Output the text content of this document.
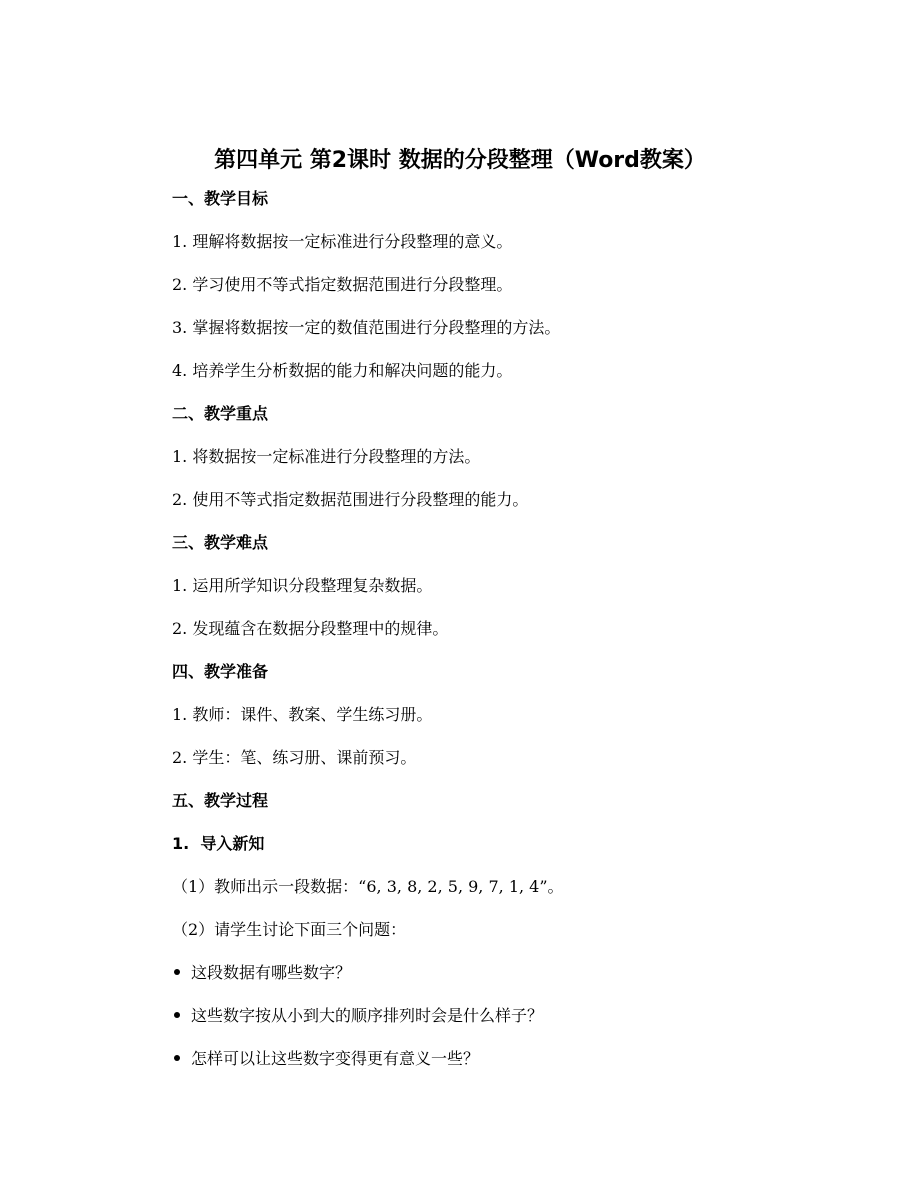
第四单元 第2课时 数据的分段整理（Word教案）
一、教学目标
1. 理解将数据按一定标准进行分段整理的意义。
2. 学习使用不等式指定数据范围进行分段整理。
3. 掌握将数据按一定的数值范围进行分段整理的方法。
4. 培养学生分析数据的能力和解决问题的能力。
二、教学重点
1. 将数据按一定标准进行分段整理的方法。
2. 使用不等式指定数据范围进行分段整理的能力。
三、教学难点
1. 运用所学知识分段整理复杂数据。
2. 发现蕴含在数据分段整理中的规律。
四、教学准备
1. 教师：课件、教案、学生练习册。
2. 学生：笔、练习册、课前预习。
五、教学过程
1.  导入新知
（1）教师出示一段数据：“6, 3, 8, 2, 5, 9, 7, 1, 4”。
（2）请学生讨论下面三个问题：
这段数据有哪些数字？
这些数字按从小到大的顺序排列时会是什么样子？
怎样可以让这些数字变得更有意义一些？
